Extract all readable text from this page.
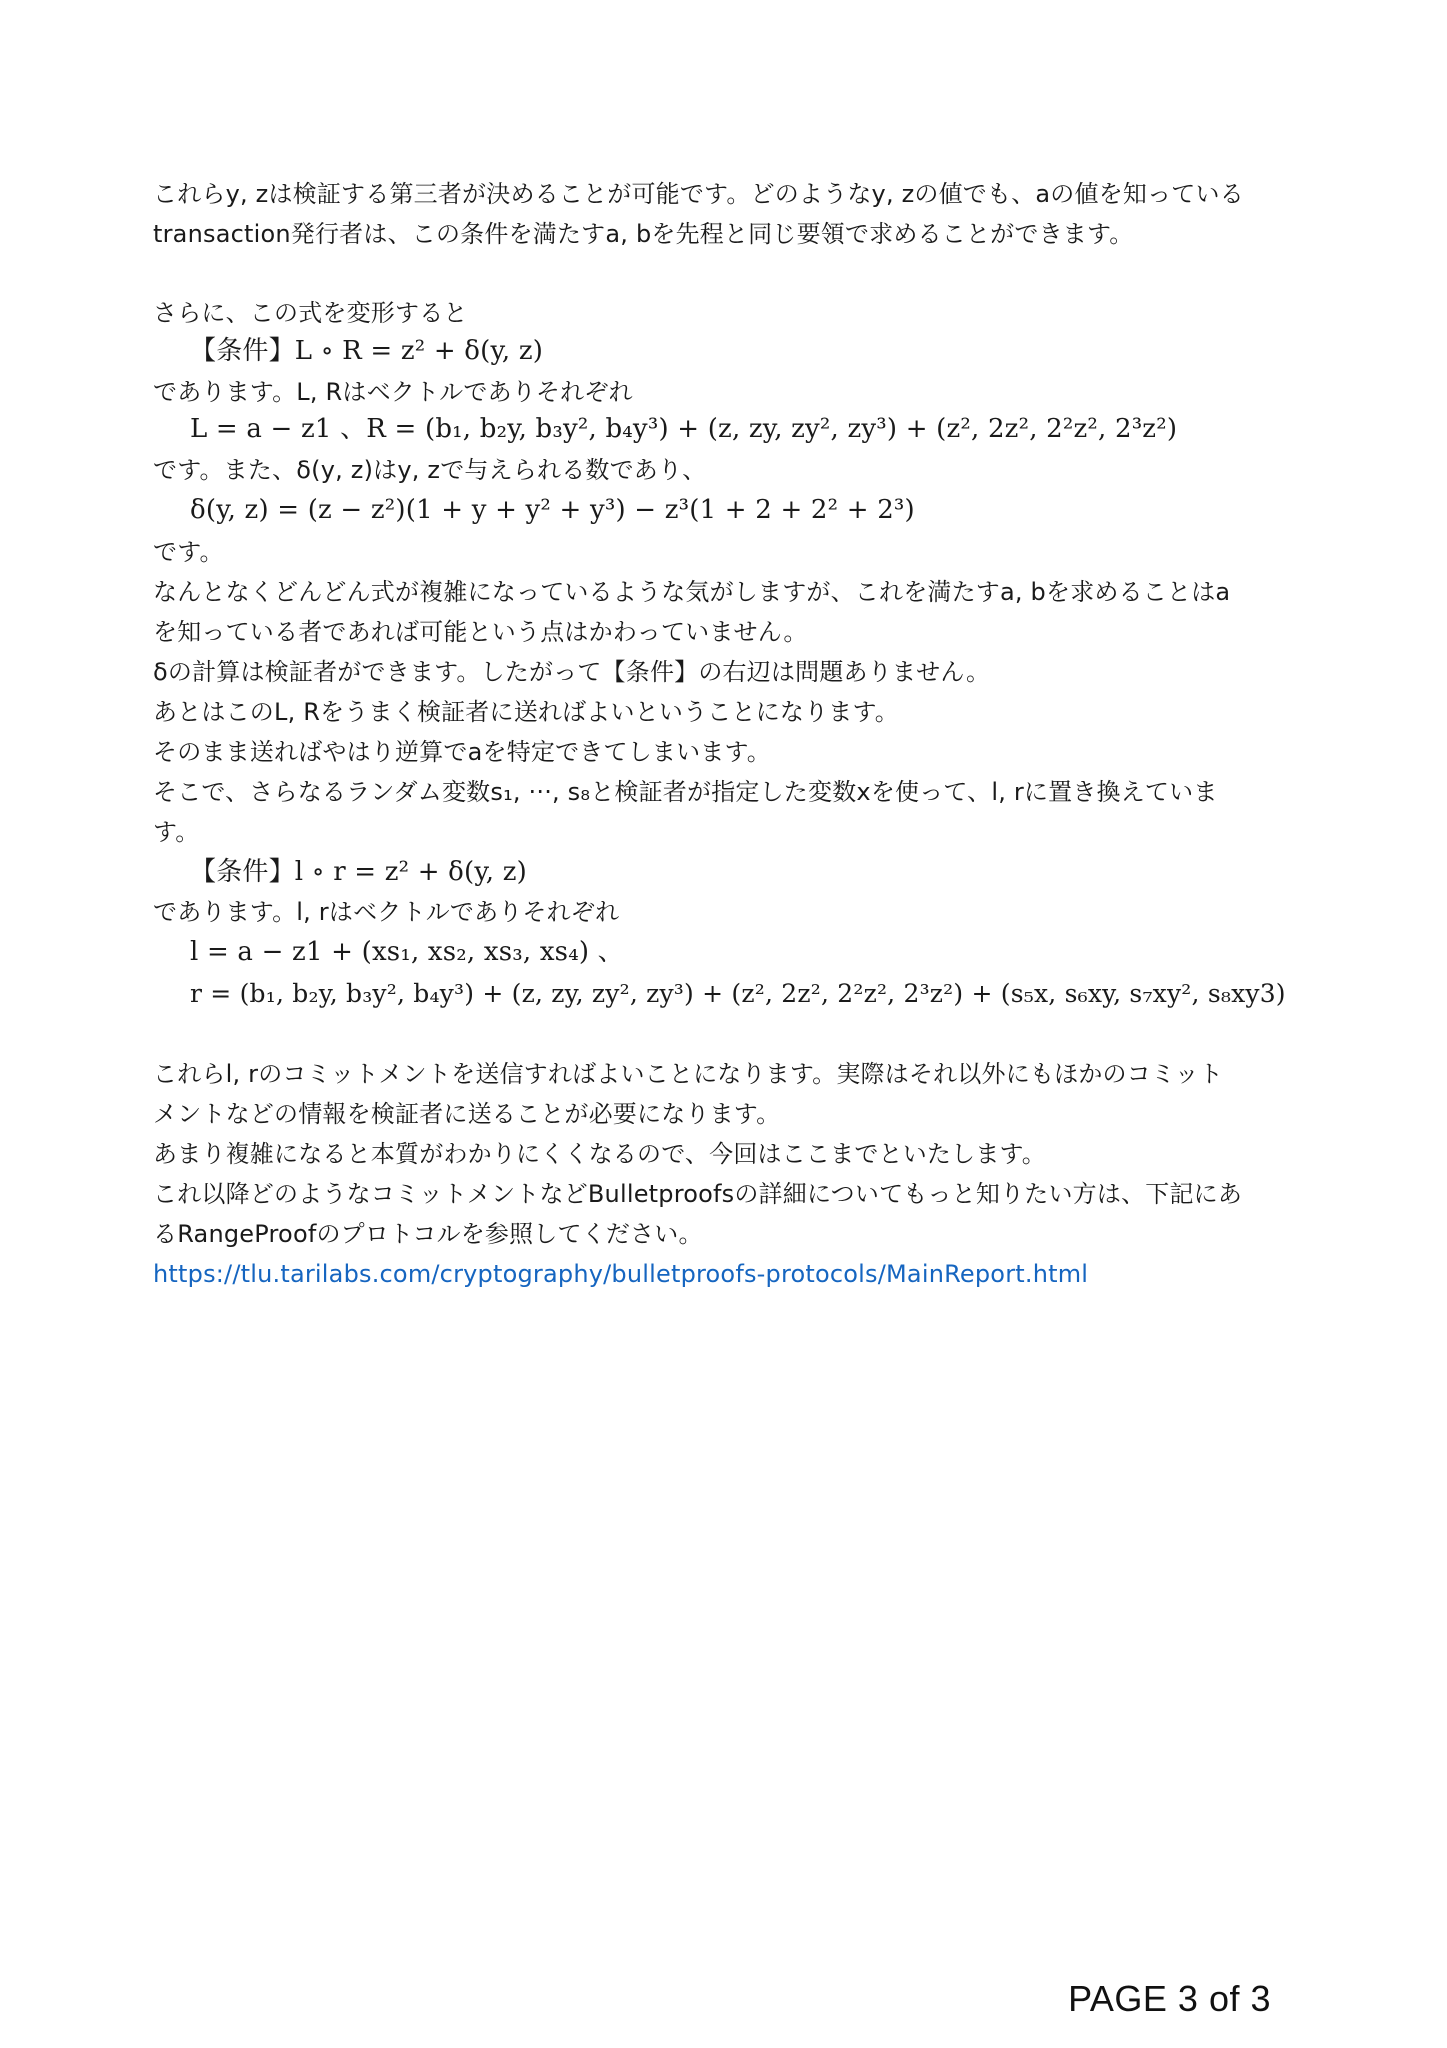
これらy, zは検証する第三者が決めることが可能です。どのようなy, zの値でも、aの値を知っている
transaction発行者は、この条件を満たすa, bを先程と同じ要領で求めることができます。
さらに、この式を変形すると
【条件】L ∘ R = z² + δ(y, z)
であります。L, Rはベクトルでありそれぞれ
L = a − z1 、R = (b₁, b₂y, b₃y², b₄y³) + (z, zy, zy², zy³) + (z², 2z², 2²z², 2³z²)
です。また、δ(y, z)はy, zで与えられる数であり、
δ(y, z) = (z − z²)(1 + y + y² + y³) − z³(1 + 2 + 2² + 2³)
です。
なんとなくどんどん式が複雑になっているような気がしますが、これを満たすa, bを求めることはa
を知っている者であれば可能という点はかわっていません。
δの計算は検証者ができます。したがって【条件】の右辺は問題ありません。
あとはこのL, Rをうまく検証者に送ればよいということになります。
そのまま送ればやはり逆算でaを特定できてしまいます。
そこで、さらなるランダム変数s₁, ···, s₈と検証者が指定した変数xを使って、l, rに置き換えていま
す。
【条件】l ∘ r = z² + δ(y, z)
であります。l, rはベクトルでありそれぞれ
l = a − z1 + (xs₁, xs₂, xs₃, xs₄) 、
r = (b₁, b₂y, b₃y², b₄y³) + (z, zy, zy², zy³) + (z², 2z², 2²z², 2³z²) + (s₅x, s₆xy, s₇xy², s₈xy3)
これらl, rのコミットメントを送信すればよいことになります。実際はそれ以外にもほかのコミット
メントなどの情報を検証者に送ることが必要になります。
あまり複雑になると本質がわかりにくくなるので、今回はここまでといたします。
これ以降どのようなコミットメントなどBulletproofsの詳細についてもっと知りたい方は、下記にあ
るRangeProofのプロトコルを参照してください。
https://tlu.tarilabs.com/cryptography/bulletproofs-protocols/MainReport.html
PAGE 3 of 3
